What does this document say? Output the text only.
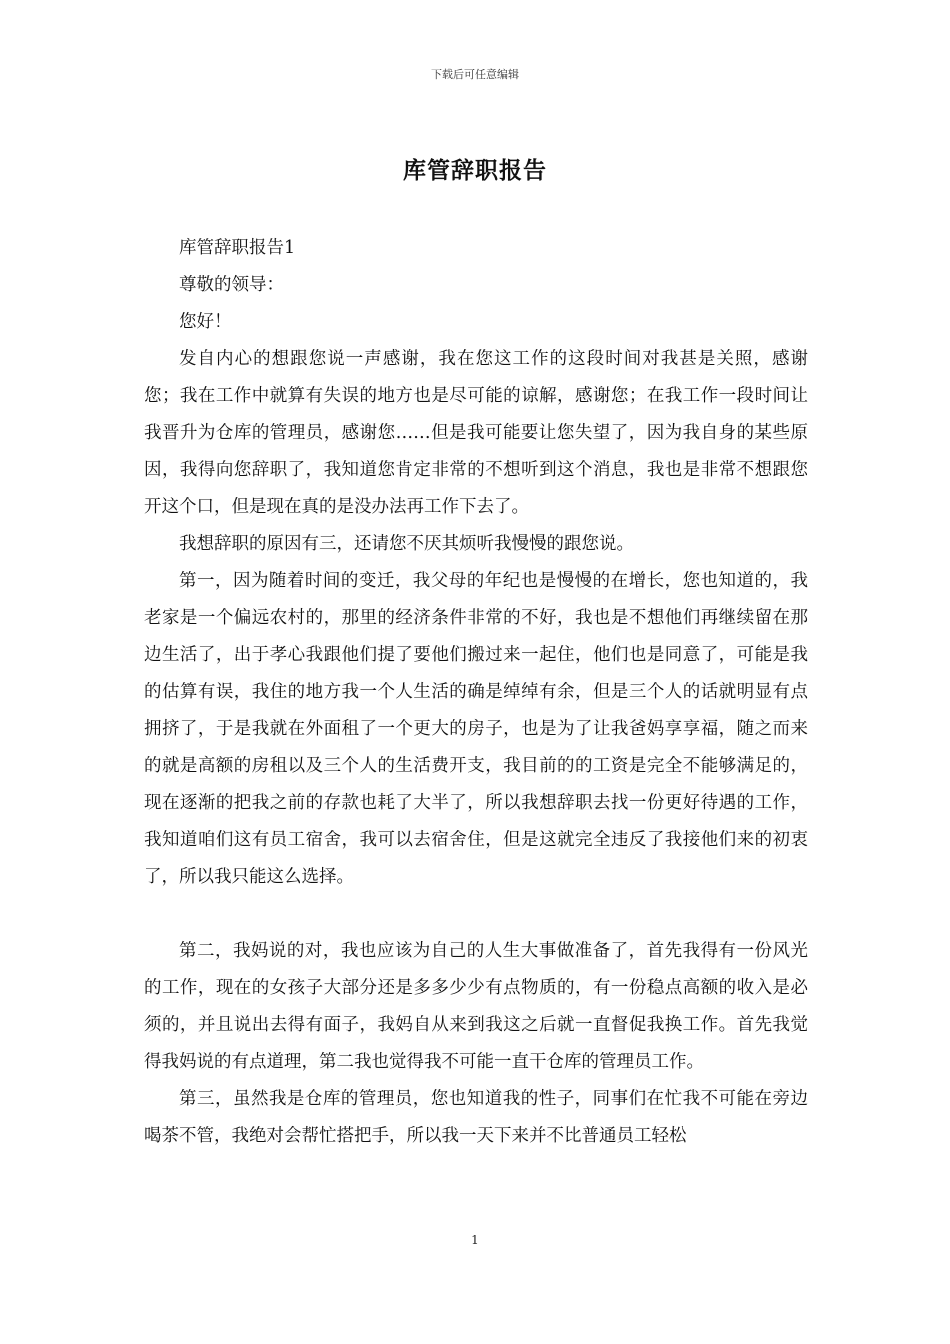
下载后可任意编辑
库管辞职报告

库管辞职报告1

尊敬的领导：

您好！

发自内心的想跟您说一声感谢，我在您这工作的这段时间对我甚是关照，感谢您；我在工作中就算有失误的地方也是尽可能的谅解，感谢您；在我工作一段时间让我晋升为仓库的管理员，感谢您……但是我可能要让您失望了，因为我自身的某些原因，我得向您辞职了，我知道您肯定非常的不想听到这个消息，我也是非常不想跟您开这个口，但是现在真的是没办法再工作下去了。

我想辞职的原因有三，还请您不厌其烦听我慢慢的跟您说。

第一，因为随着时间的变迁，我父母的年纪也是慢慢的在增长，您也知道的，我老家是一个偏远农村的，那里的经济条件非常的不好，我也是不想他们再继续留在那边生活了，出于孝心我跟他们提了要他们搬过来一起住，他们也是同意了，可能是我的估算有误，我住的地方我一个人生活的确是绰绰有余，但是三个人的话就明显有点拥挤了，于是我就在外面租了一个更大的房子，也是为了让我爸妈享享福，随之而来的就是高额的房租以及三个人的生活费开支，我目前的的工资是完全不能够满足的，现在逐渐的把我之前的存款也耗了大半了，所以我想辞职去找一份更好待遇的工作，我知道咱们这有员工宿舍，我可以去宿舍住，但是这就完全违反了我接他们来的初衷了，所以我只能这么选择。

第二，我妈说的对，我也应该为自己的人生大事做准备了，首先我得有一份风光的工作，现在的女孩子大部分还是多多少少有点物质的，有一份稳点高额的收入是必须的，并且说出去得有面子，我妈自从来到我这之后就一直督促我换工作。首先我觉得我妈说的有点道理，第二我也觉得我不可能一直干仓库的管理员工作。

第三，虽然我是仓库的管理员，您也知道我的性子，同事们在忙我不可能在旁边喝茶不管，我绝对会帮忙搭把手，所以我一天下来并不比普通员工轻松

1
